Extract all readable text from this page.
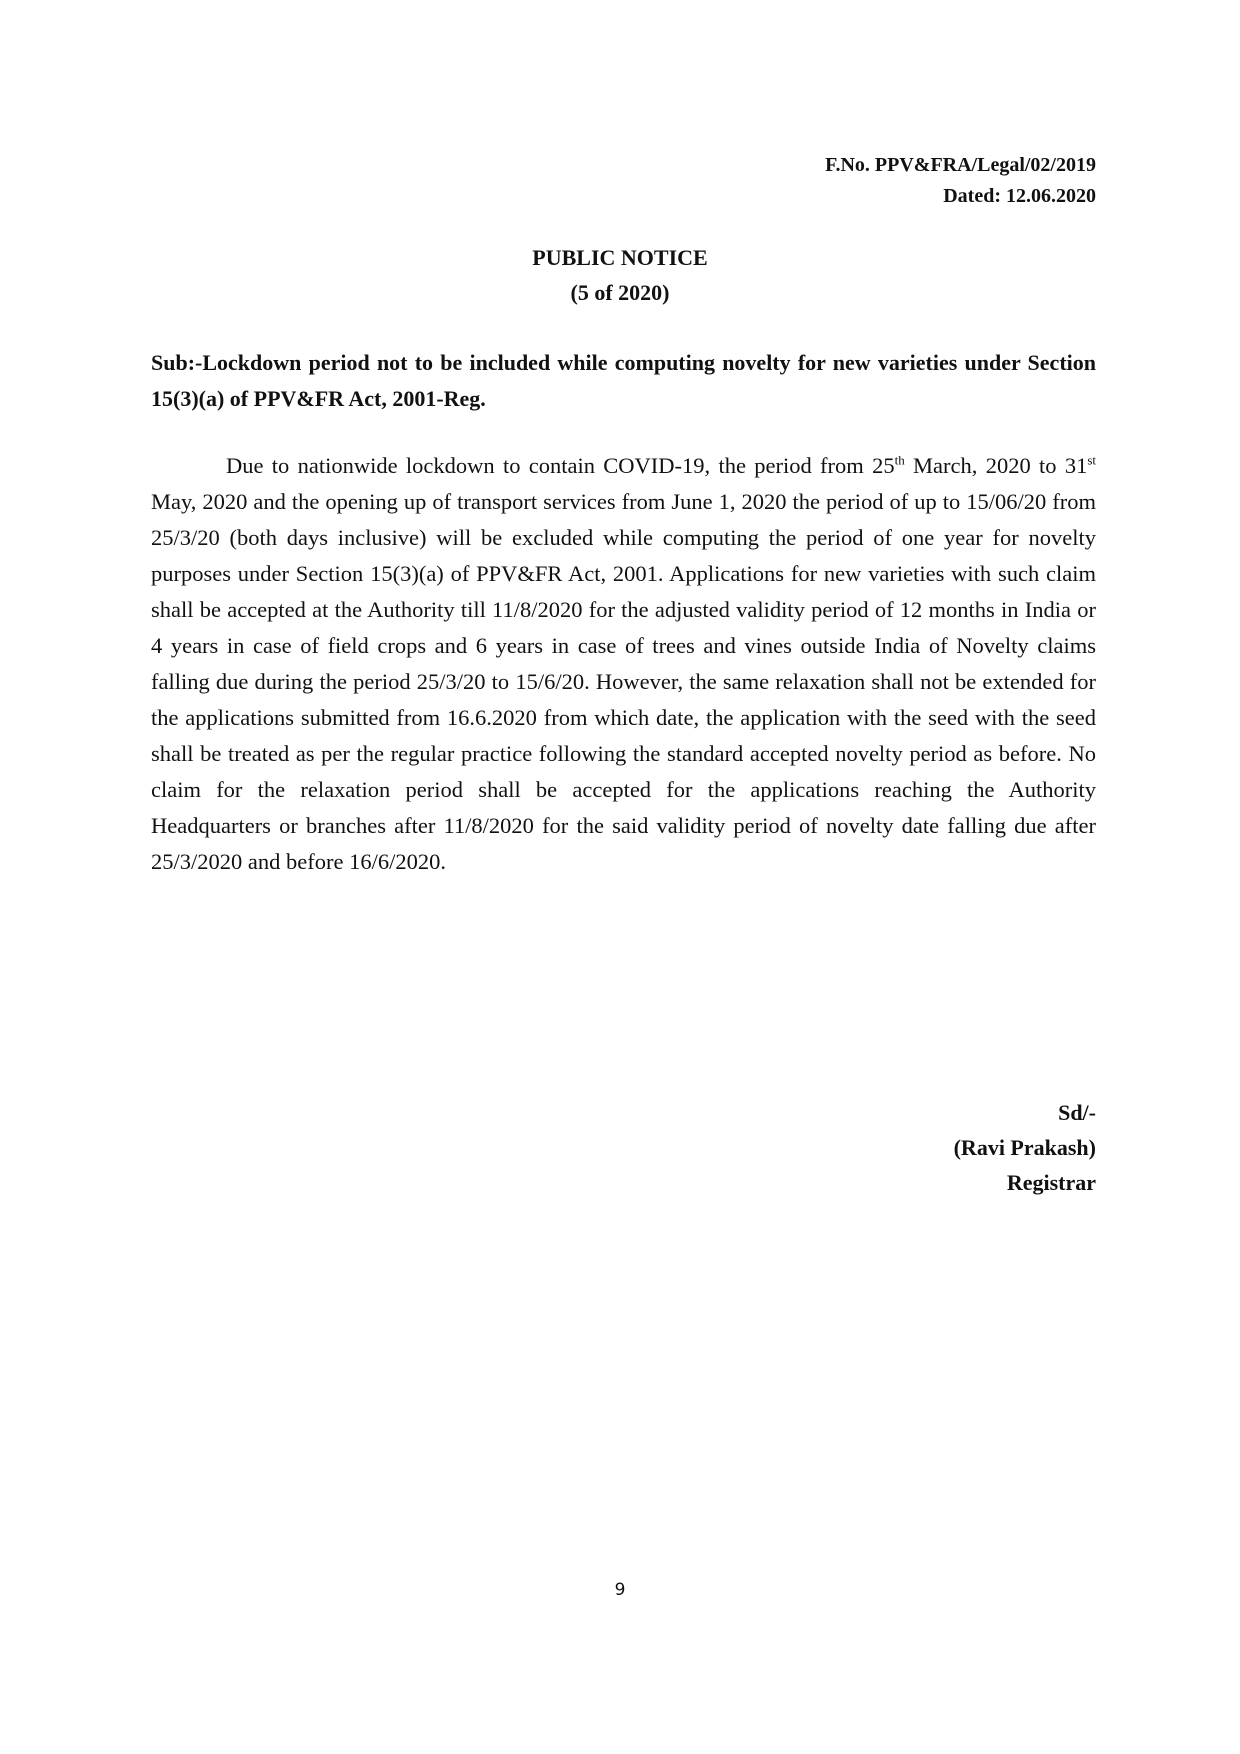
F.No. PPV&FRA/Legal/02/2019
Dated: 12.06.2020
PUBLIC NOTICE
(5 of 2020)
Sub:-Lockdown period not to be included while computing novelty for new varieties under Section 15(3)(a) of PPV&FR Act, 2001-Reg.

Due to nationwide lockdown to contain COVID-19, the period from 25th March, 2020 to 31st May, 2020 and the opening up of transport services from June 1, 2020 the period of up to 15/06/20 from 25/3/20 (both days inclusive) will be excluded while computing the period of one year for novelty purposes under Section 15(3)(a) of PPV&FR Act, 2001. Applications for new varieties with such claim shall be accepted at the Authority till 11/8/2020 for the adjusted validity period of 12 months in India or 4 years in case of field crops and 6 years in case of trees and vines outside India of Novelty claims falling due during the period 25/3/20 to 15/6/20. However, the same relaxation shall not be extended for the applications submitted from 16.6.2020 from which date, the application with the seed with the seed shall be treated as per the regular practice following the standard accepted novelty period as before. No claim for the relaxation period shall be accepted for the applications reaching the Authority Headquarters or branches after 11/8/2020 for the said validity period of novelty date falling due after 25/3/2020 and before 16/6/2020.

Sd/-
(Ravi Prakash)
Registrar
9
